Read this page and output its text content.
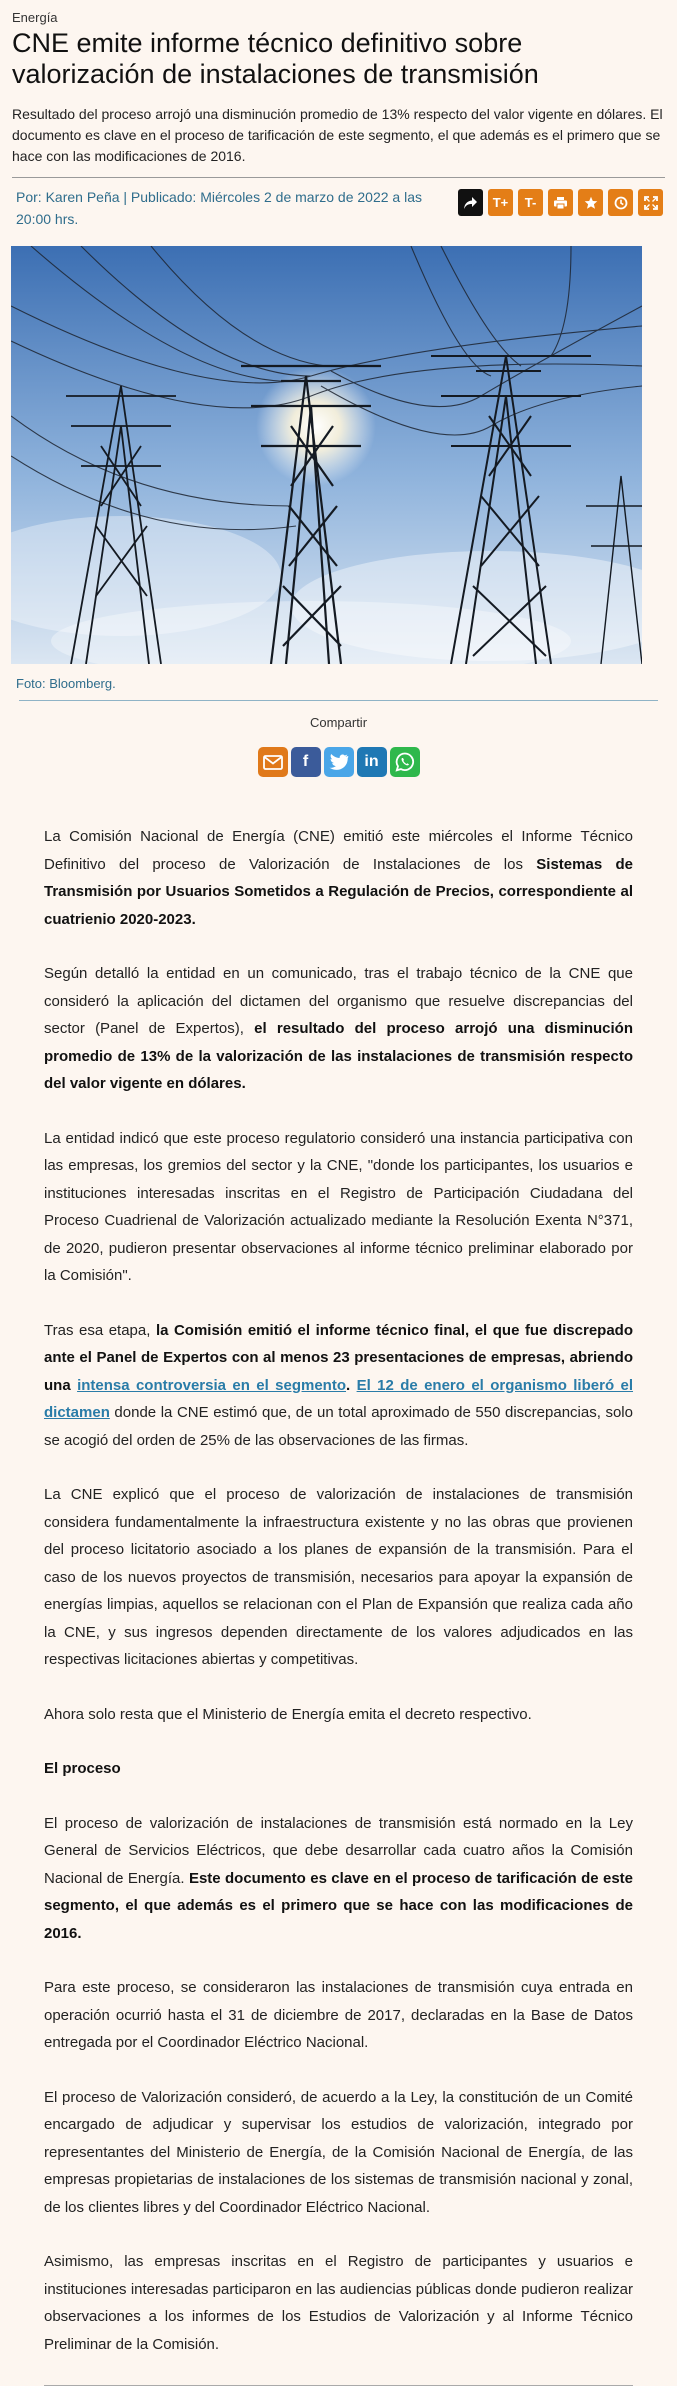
Energía
CNE emite informe técnico definitivo sobre valorización de instalaciones de transmisión

Resultado del proceso arrojó una disminución promedio de 13% respecto del valor vigente en dólares. El documento es clave en el proceso de tarificación de este segmento, el que además es el primero que se hace con las modificaciones de 2016.

Por: Karen Peña | Publicado: Miércoles 2 de marzo de 2022 a las 20:00 hrs.
T+	T-
Foto: Bloomberg.
Compartir
f	in

La Comisión Nacional de Energía (CNE) emitió este miércoles el Informe Técnico Definitivo del proceso de Valorización de Instalaciones de los Sistemas de Transmisión por Usuarios Sometidos a Regulación de Precios, correspondiente al cuatrienio 2020-2023.

Según detalló la entidad en un comunicado, tras el trabajo técnico de la CNE que consideró la aplicación del dictamen del organismo que resuelve discrepancias del sector (Panel de Expertos), el resultado del proceso arrojó una disminución promedio de 13% de la valorización de las instalaciones de transmisión respecto del valor vigente en dólares.

La entidad indicó que este proceso regulatorio consideró una instancia participativa con las empresas, los gremios del sector y la CNE, "donde los participantes, los usuarios e instituciones interesadas inscritas en el Registro de Participación Ciudadana del Proceso Cuadrienal de Valorización actualizado mediante la Resolución Exenta N°371, de 2020, pudieron presentar observaciones al informe técnico preliminar elaborado por la Comisión".

Tras esa etapa, la Comisión emitió el informe técnico final, el que fue discrepado ante el Panel de Expertos con al menos 23 presentaciones de empresas, abriendo una intensa controversia en el segmento. El 12 de enero el organismo liberó el dictamen donde la CNE estimó que, de un total aproximado de 550 discrepancias, solo se acogió del orden de 25% de las observaciones de las firmas.

La CNE explicó que el proceso de valorización de instalaciones de transmisión considera fundamentalmente la infraestructura existente y no las obras que provienen del proceso licitatorio asociado a los planes de expansión de la transmisión. Para el caso de los nuevos proyectos de transmisión, necesarios para apoyar la expansión de energías limpias, aquellos se relacionan con el Plan de Expansión que realiza cada año la CNE, y sus ingresos dependen directamente de los valores adjudicados en las respectivas licitaciones abiertas y competitivas.

Ahora solo resta que el Ministerio de Energía emita el decreto respectivo.

El proceso

El proceso de valorización de instalaciones de transmisión está normado en la Ley General de Servicios Eléctricos, que debe desarrollar cada cuatro años la Comisión Nacional de Energía. Este documento es clave en el proceso de tarificación de este segmento, el que además es el primero que se hace con las modificaciones de 2016.

Para este proceso, se consideraron las instalaciones de transmisión cuya entrada en operación ocurrió hasta el 31 de diciembre de 2017, declaradas en la Base de Datos entregada por el Coordinador Eléctrico Nacional.

El proceso de Valorización consideró, de acuerdo a la Ley, la constitución de un Comité encargado de adjudicar y supervisar los estudios de valorización, integrado por representantes del Ministerio de Energía, de la Comisión Nacional de Energía, de las empresas propietarias de instalaciones de los sistemas de transmisión nacional y zonal, de los clientes libres y del Coordinador Eléctrico Nacional.

Asimismo, las empresas inscritas en el Registro de participantes y usuarios e instituciones interesadas participaron en las audiencias públicas donde pudieron realizar observaciones a los informes de los Estudios de Valorización y al Informe Técnico Preliminar de la Comisión.
